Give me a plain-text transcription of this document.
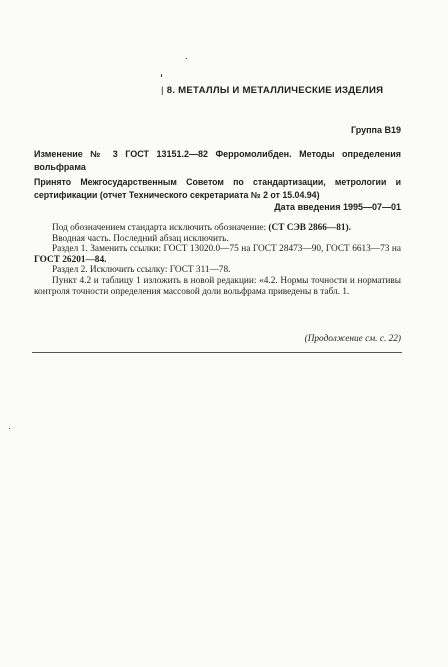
| 8. МЕТАЛЛЫ И МЕТАЛЛИЧЕСКИЕ ИЗДЕЛИЯ
Группа В19
Изменение № 3 ГОСТ 13151.2—82 Ферромолибден. Методы определения вольфрама
Принято Межгосударственным Советом по стандартизации, метрологии и сертификации (отчет Технического секретариата № 2 от 15.04.94)
Дата введения 1995—07—01

Под обозначением стандарта исключить обозначение: (СТ СЭВ 2866—81).

Вводная часть. Последний абзац исключить.

Раздел 1. Заменить ссылки: ГОСТ 13020.0—75 на ГОСТ 28473—90, ГОСТ 6613—73 на ГОСТ 26201—84.

Раздел 2. Исключить ссылку: ГОСТ 311—78.

Пункт 4.2 и таблицу 1 изложить в новой редакции: «4.2. Нормы точности и нормативы контроля точности определения массовой доли вольфрама приведены в табл. 1.

(Продолжение см. с. 22)
